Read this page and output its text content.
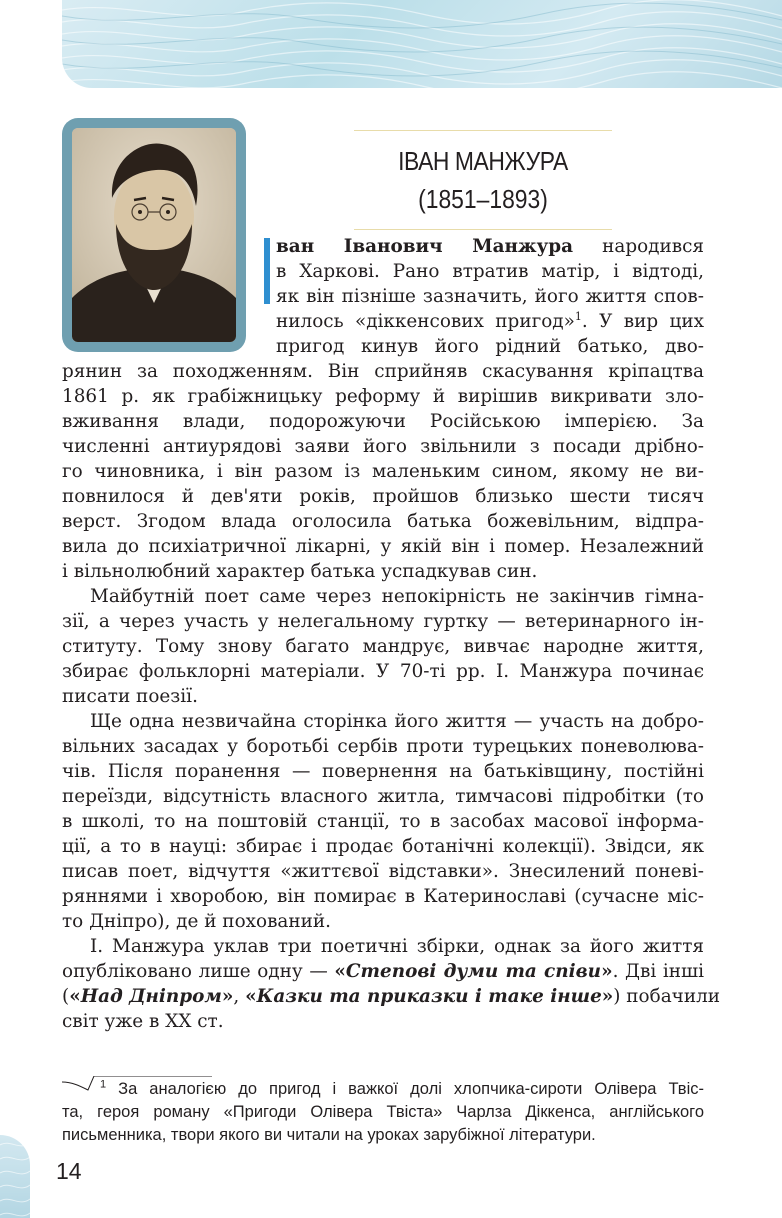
ІВАН МАНЖУРА
(1851–1893)
ван Іванович Манжура народився
в Харкові. Рано втратив матір, і відтоді,
як він пізніше зазначить, його життя спов-
нилось «діккенсових пригод»$^1$. У вир цих
пригод кинув його рідний батько, дво-
рянин за походженням. Він сприйняв скасування кріпацтва
1861 р. як грабіжницьку реформу й вирішив викривати зло-
вживання влади, подорожуючи Російською імперією. За
численні антиурядові заяви його звільнили з посади дрібно-
го чиновника, і він разом із маленьким сином, якому не ви-
повнилося й дев'яти років, пройшов близько шести тисяч
верст. Згодом влада оголосила батька божевільним, відпра-
вила до психіатричної лікарні, у якій він і помер. Незалежний
і вільнолюбний характер батька успадкував син.
Майбутній поет саме через непокірність не закінчив гімна-
зії, а через участь у нелегальному гуртку — ветеринарного ін-
ституту. Тому знову багато мандрує, вивчає народне життя,
збирає фольклорні матеріали. У 70-ті рр. І. Манжура починає
писати поезії.
Ще одна незвичайна сторінка його життя — участь на добро-
вільних засадах у боротьбі сербів проти турецьких поневолюва-
чів. Після поранення — повернення на батьківщину, постійні
переїзди, відсутність власного житла, тимчасові підробітки (то
в школі, то на поштовій станції, то в засобах масової інформа-
ції, а то в науці: збирає і продає ботанічні колекції). Звідси, як
писав поет, відчуття «життєвої відставки». Знесилений поневі-
ряннями і хворобою, він помирає в Катеринославі (сучасне міс-
то Дніпро), де й похований.
І. Манжура уклав три поетичні збірки, однак за його життя
опубліковано лише одну — «Степові думи та співи». Дві інші
(«Над Дніпром», «Казки та приказки і таке інше») побачили
світ уже в XX ст.
$^1$ За аналогією до пригод і важкої долі хлопчика-сироти Олівера Твіс-
та, героя роману «Пригоди Олівера Твіста» Чарлза Діккенса, англійського
письменника, твори якого ви читали на уроках зарубіжної літератури.
14
